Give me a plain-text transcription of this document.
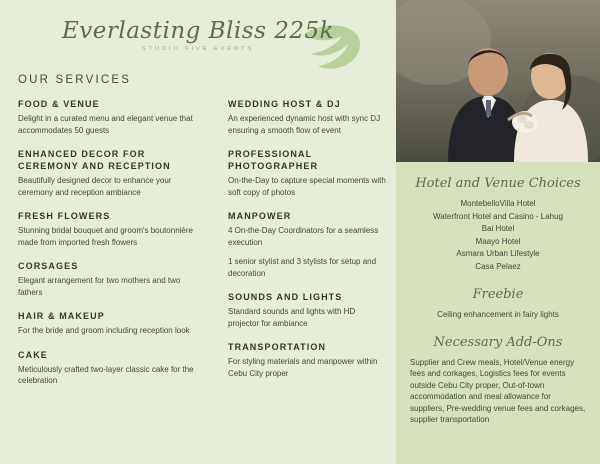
Everlasting Bliss 225k
STUDIO FIVE EVENTS
OUR SERVICES
FOOD & VENUE
Delight in a curated menu and elegant venue that accommodates 50 guests
ENHANCED DECOR FOR CEREMONY AND RECEPTION
Beautifully designed decor to enhance your ceremony and reception ambiance
FRESH FLOWERS
Stunning bridal bouquet and groom's boutonnière made from imported fresh flowers
CORSAGES
Elegant arrangement for two mothers and two fathers
HAIR & MAKEUP
For the bride and groom including reception look
CAKE
Meticulously crafted two-layer classic cake for the celebration
WEDDING HOST & DJ
An experienced dynamic host with sync DJ ensuring a smooth flow of event
PROFESSIONAL PHOTOGRAPHER
On-the-Day to capture special moments with soft copy of photos
MANPOWER
4 On-the-Day Coordinators for a seamless execution
1 senior stylist and 3 stylists for setup and decoration
SOUNDS AND LIGHTS
Standard sounds and lights with HD projector for ambiance
TRANSPORTATION
For styling materials and manpower within Cebu City proper
Hotel and Venue Choices
MontebelloVilla Hotel
Waterfront Hotel and Casino - Lahug
Bai Hotel
Maayo Hotel
Asmara Urban Lifestyle
Casa Pelaez
Freebie
Ceiling enhancement in fairy lights
Necessary Add-Ons
Supplier and Crew meals, Hotel/Venue energy fees and corkages, Logistics fees for events outside Cebu City proper, Out-of-town accommodation and meal allowance for suppliers, Pre-wedding venue fees and corkages, supplier transportation
